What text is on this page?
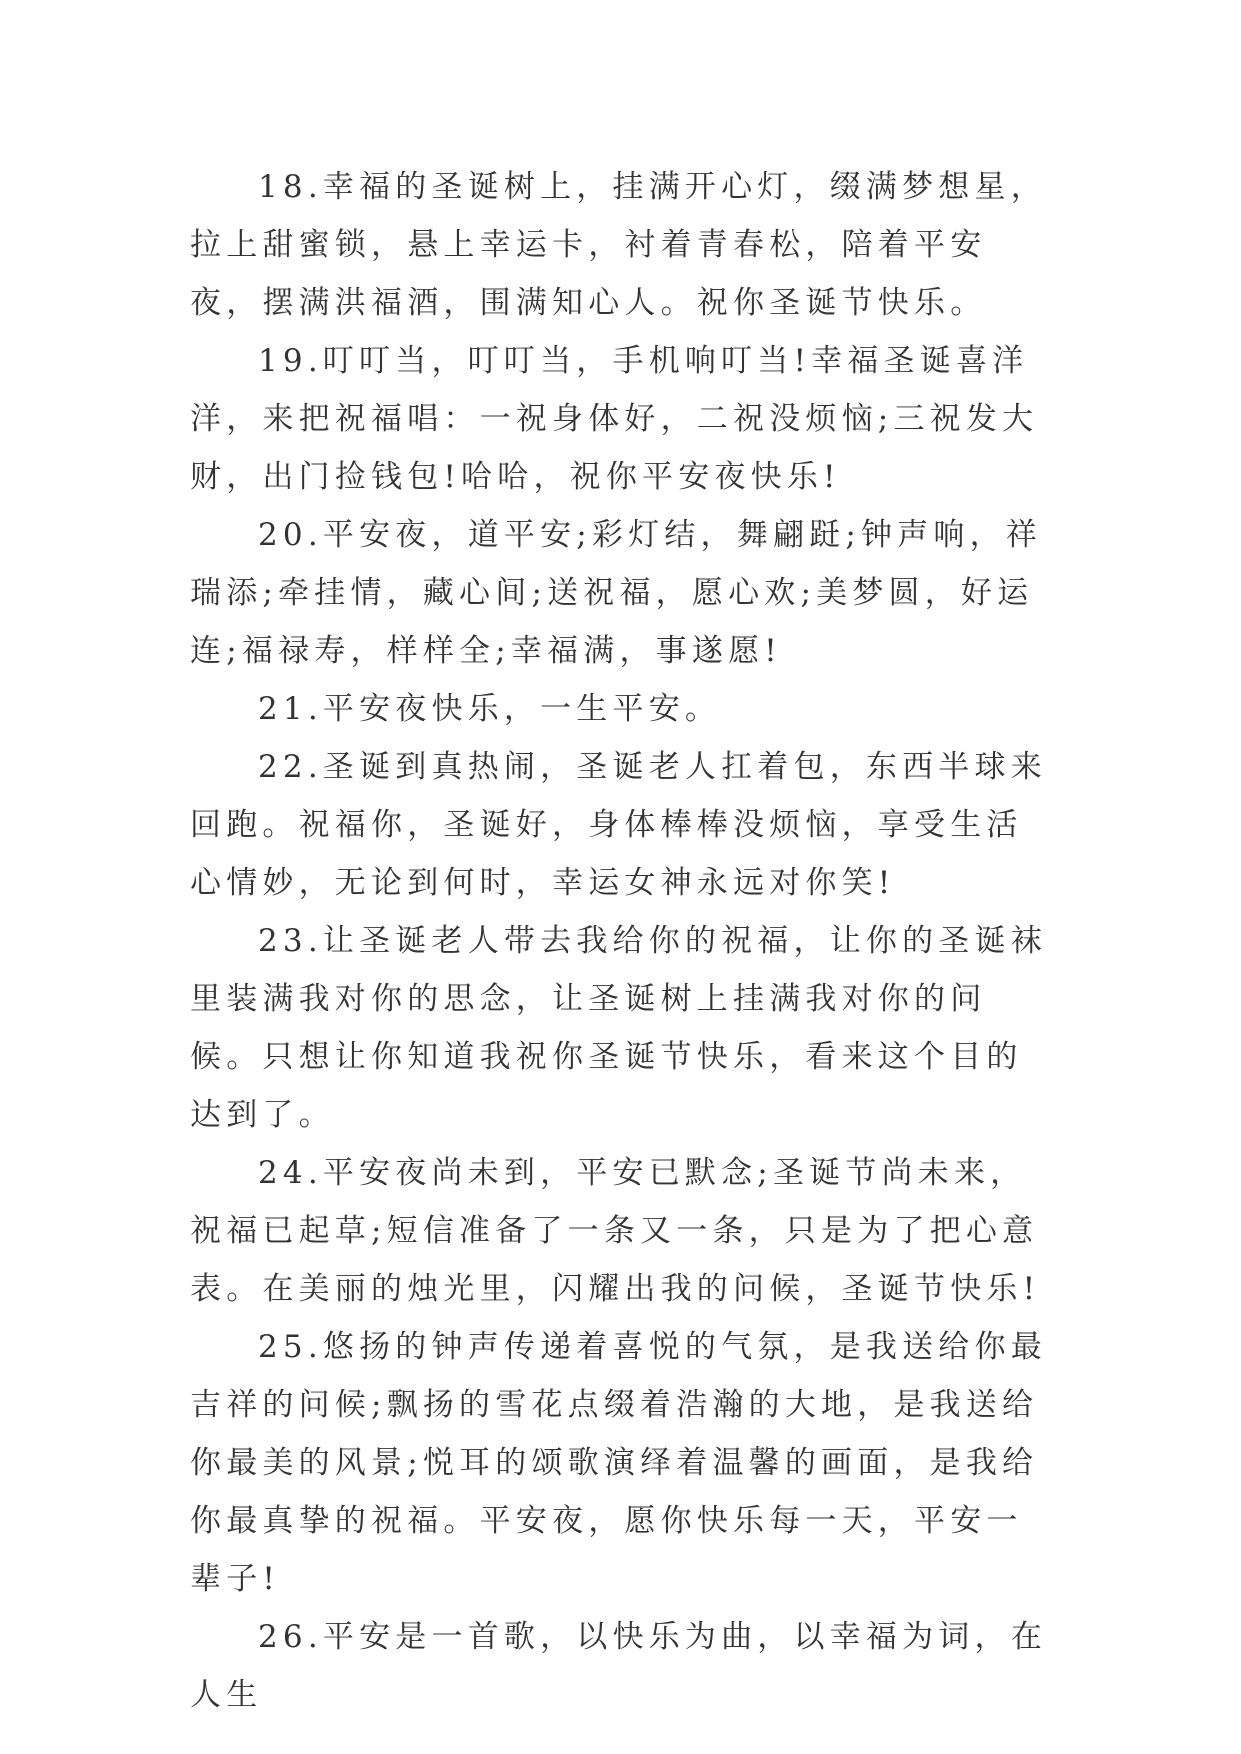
18.幸福的圣诞树上，挂满开心灯，缀满梦想星，拉上甜蜜锁，悬上幸运卡，衬着青春松，陪着平安夜，摆满洪福酒，围满知心人。祝你圣诞节快乐。

19.叮叮当，叮叮当，手机响叮当!幸福圣诞喜洋洋，来把祝福唱：一祝身体好，二祝没烦恼;三祝发大财，出门捡钱包!哈哈，祝你平安夜快乐!

20.平安夜，道平安;彩灯结，舞翩跹;钟声响，祥瑞添;牵挂情，藏心间;送祝福，愿心欢;美梦圆，好运连;福禄寿，样样全;幸福满，事遂愿!

21.平安夜快乐，一生平安。

22.圣诞到真热闹，圣诞老人扛着包，东西半球来回跑。祝福你，圣诞好，身体棒棒没烦恼，享受生活心情妙，无论到何时，幸运女神永远对你笑!

23.让圣诞老人带去我给你的祝福，让你的圣诞袜里装满我对你的思念，让圣诞树上挂满我对你的问候。只想让你知道我祝你圣诞节快乐，看来这个目的达到了。

24.平安夜尚未到，平安已默念;圣诞节尚未来，祝福已起草;短信准备了一条又一条，只是为了把心意表。在美丽的烛光里，闪耀出我的问候，圣诞节快乐!

25.悠扬的钟声传递着喜悦的气氛，是我送给你最吉祥的问候;飘扬的雪花点缀着浩瀚的大地，是我送给你最美的风景;悦耳的颂歌演绎着温馨的画面，是我给你最真挚的祝福。平安夜，愿你快乐每一天，平安一辈子!

26.平安是一首歌，以快乐为曲，以幸福为词，在人生
